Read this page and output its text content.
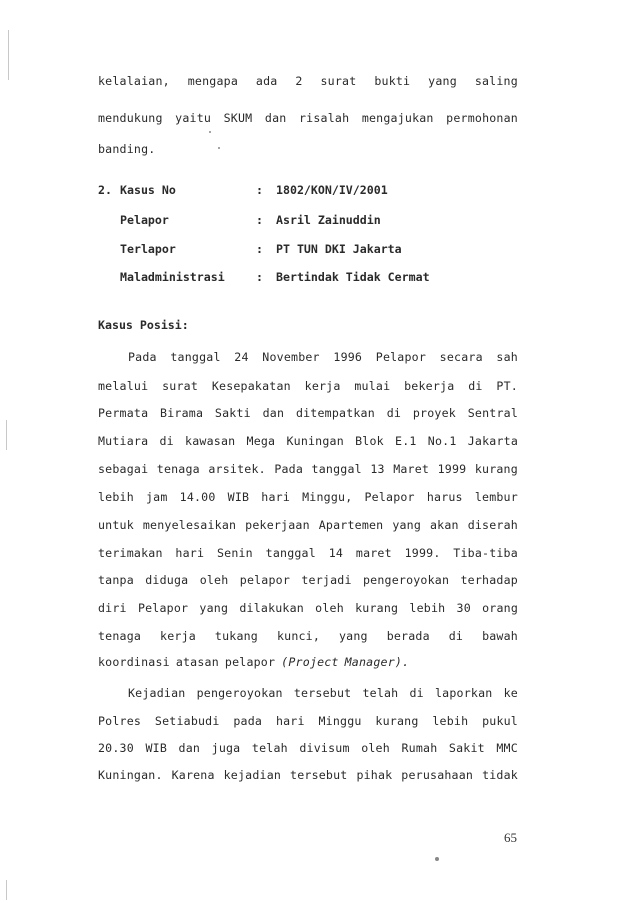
kelalaian, mengapa ada 2 surat bukti yang saling
mendukung yaitu SKUM dan risalah mengajukan permohonan
banding.
2. Kasus No	: 1802/KON/IV/2001
Pelapor	: Asril Zainuddin
Terlapor	: PT TUN DKI Jakarta
Maladministrasi	: Bertindak Tidak Cermat
Kasus Posisi:
Pada tanggal 24 November 1996 Pelapor secara sah
melalui surat Kesepakatan kerja mulai bekerja di PT.
Permata Birama Sakti dan ditempatkan di proyek Sentral
Mutiara di kawasan Mega Kuningan Blok E.1 No.1 Jakarta
sebagai tenaga arsitek. Pada tanggal 13 Maret 1999 kurang
lebih jam 14.00 WIB hari Minggu, Pelapor harus lembur
untuk menyelesaikan pekerjaan Apartemen yang akan diserah
terimakan hari Senin tanggal 14 maret 1999. Tiba-tiba
tanpa diduga oleh pelapor terjadi pengeroyokan terhadap
diri Pelapor yang dilakukan oleh kurang lebih 30 orang
tenaga kerja tukang kunci, yang berada di bawah
koordinasi atasan pelapor (Project Manager).
Kejadian pengeroyokan tersebut telah di laporkan ke
Polres Setiabudi pada hari Minggu kurang lebih pukul
20.30 WIB dan juga telah divisum oleh Rumah Sakit MMC
Kuningan. Karena kejadian tersebut pihak perusahaan tidak
65
